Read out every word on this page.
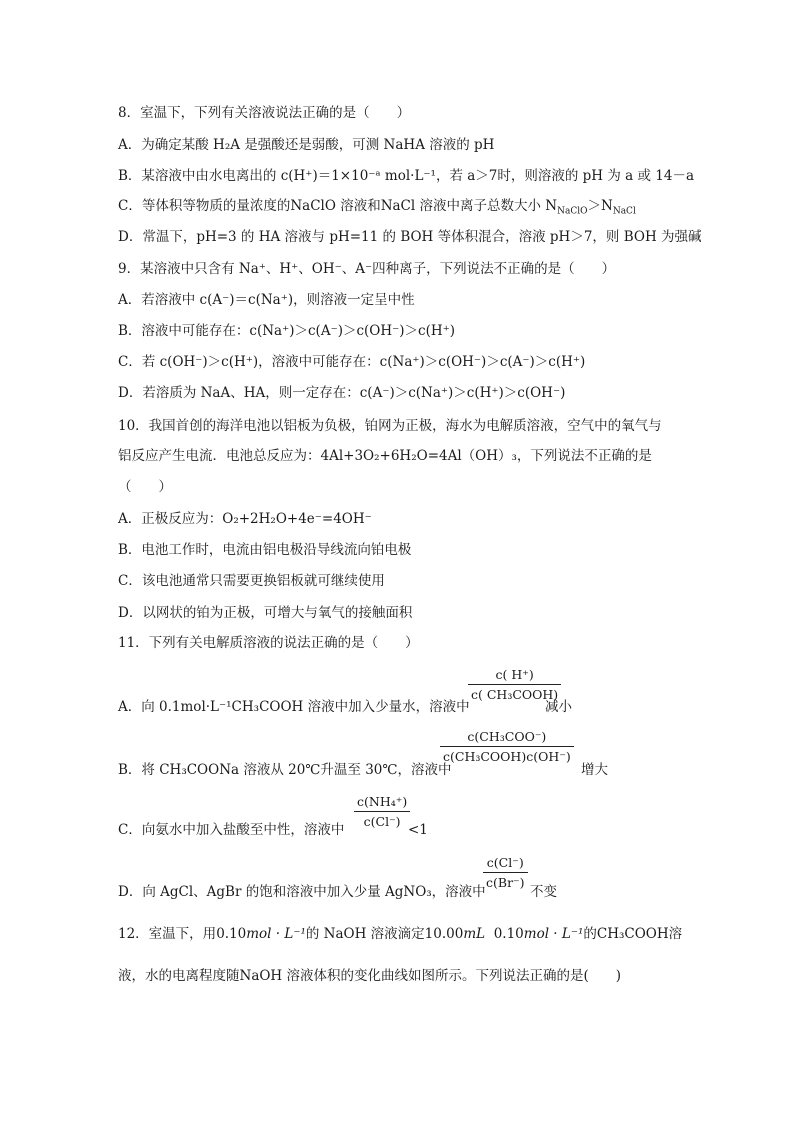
8．室温下，下列有关溶液说法正确的是（　　）
A．为确定某酸 H₂A 是强酸还是弱酸，可测 NaHA 溶液的 pH
B．某溶液中由水电离出的 c(H⁺)＝1×10⁻ᵃ mol·L⁻¹，若 a＞7时，则溶液的 pH 为 a 或 14－a
C．等体积等物质的量浓度的NaClO 溶液和NaCl 溶液中离子总数大小 $N_{NaClO}>N_{NaCl}$
D．常温下，pH=3 的 HA 溶液与 pH=11 的 BOH 等体积混合，溶液 pH＞7，则 BOH 为强碱
9．某溶液中只含有 Na⁺、H⁺、OH⁻、A⁻四种离子，下列说法不正确的是（　　）
A．若溶液中 c(A⁻)＝c(Na⁺)，则溶液一定呈中性
B．溶液中可能存在：c(Na⁺)＞c(A⁻)＞c(OH⁻)＞c(H⁺)
C．若 c(OH⁻)＞c(H⁺)，溶液中可能存在：c(Na⁺)＞c(OH⁻)＞c(A⁻)＞c(H⁺)
D．若溶质为 NaA、HA，则一定存在：c(A⁻)＞c(Na⁺)＞c(H⁺)＞c(OH⁻)
10．我国首创的海洋电池以铝板为负极，铂网为正极，海水为电解质溶液，空气中的氧气与
铝反应产生电流．电池总反应为：4Al+3O₂+6H₂O=4Al（OH）₃，下列说法不正确的是
（　　）
A．正极反应为：O₂+2H₂O+4e⁻=4OH⁻
B．电池工作时，电流由铝电极沿导线流向铂电极
C．该电池通常只需要更换铝板就可继续使用
D．以网状的铂为正极，可增大与氧气的接触面积
11．下列有关电解质溶液的说法正确的是（　　）
A．向 0.1mol·L⁻¹CH₃COOH 溶液中加入少量水，溶液中
c( H⁺)
c( CH₃COOH)
减小
B．将 CH₃COONa 溶液从 20℃升温至 30℃，溶液中
c(CH₃COO⁻)
c(CH₃COOH)c(OH⁻)
增大
C．向氨水中加入盐酸至中性，溶液中
$\frac{\text{c(NH₄⁺)}}{c(Cl^-)}$
<1
D．向 AgCl、AgBr 的饱和溶液中加入少量 AgNO₃，溶液中
$\frac{c(Cl^-)}{c(Br^-)}$
不变
12．室温下，用0.10mol · L⁻¹的 NaOH 溶液滴定10.00mL 0.10mol · L⁻¹的CH₃COOH溶
液，水的电离程度随NaOH 溶液体积的变化曲线如图所示。下列说法正确的是(　　)
